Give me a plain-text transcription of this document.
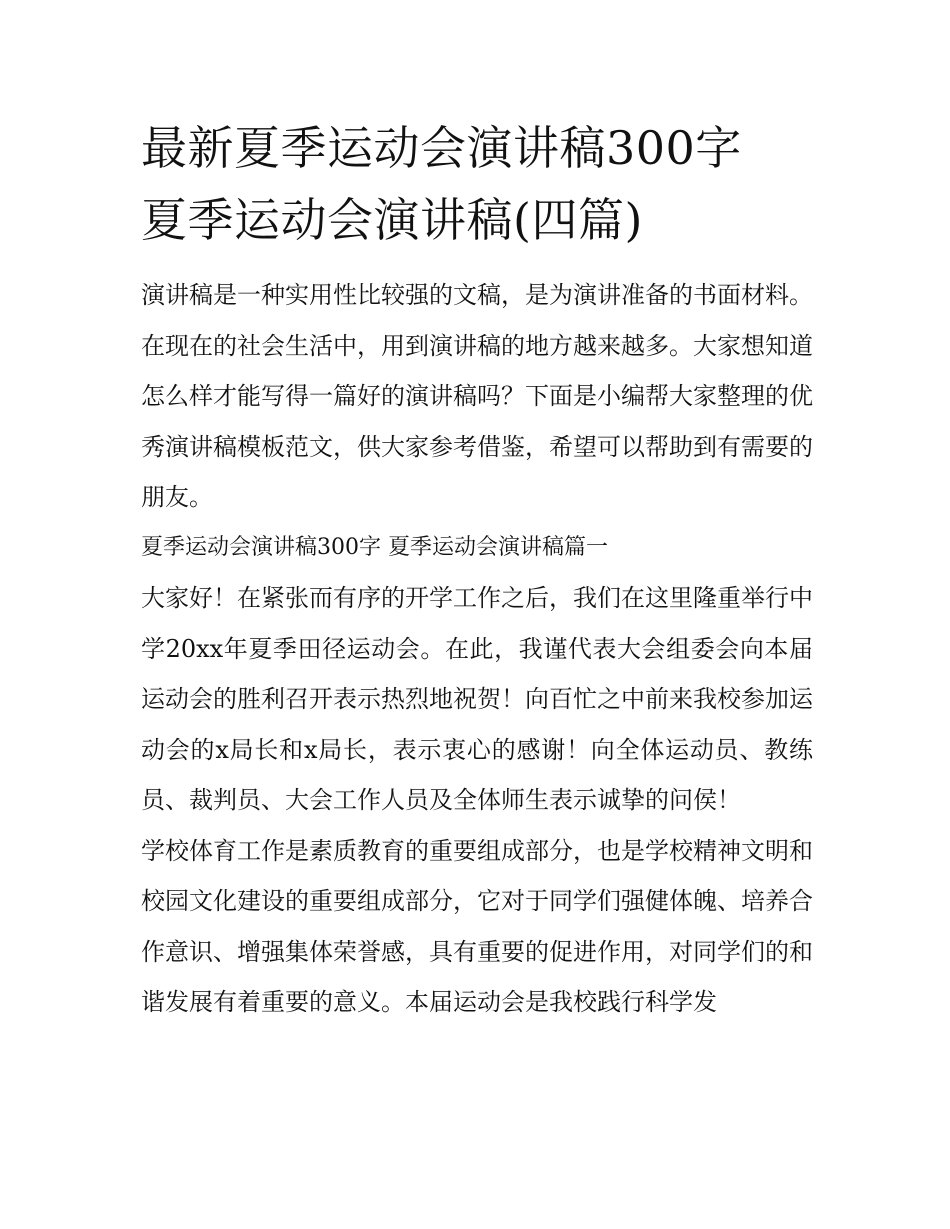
最新夏季运动会演讲稿300字
夏季运动会演讲稿(四篇)

演讲稿是一种实用性比较强的文稿，是为演讲准备的书面材料。在现在的社会生活中，用到演讲稿的地方越来越多。大家想知道怎么样才能写得一篇好的演讲稿吗？下面是小编帮大家整理的优秀演讲稿模板范文，供大家参考借鉴，希望可以帮助到有需要的朋友。

夏季运动会演讲稿300字 夏季运动会演讲稿篇一

大家好！在紧张而有序的开学工作之后，我们在这里隆重举行中学20xx年夏季田径运动会。在此，我谨代表大会组委会向本届运动会的胜利召开表示热烈地祝贺！向百忙之中前来我校参加运动会的x局长和x局长，表示衷心的感谢！向全体运动员、教练员、裁判员、大会工作人员及全体师生表示诚挚的问侯！

学校体育工作是素质教育的重要组成部分，也是学校精神文明和校园文化建设的重要组成部分，它对于同学们强健体魄、培养合作意识、增强集体荣誉感，具有重要的促进作用，对同学们的和谐发展有着重要的意义。本届运动会是我校践行科学发
